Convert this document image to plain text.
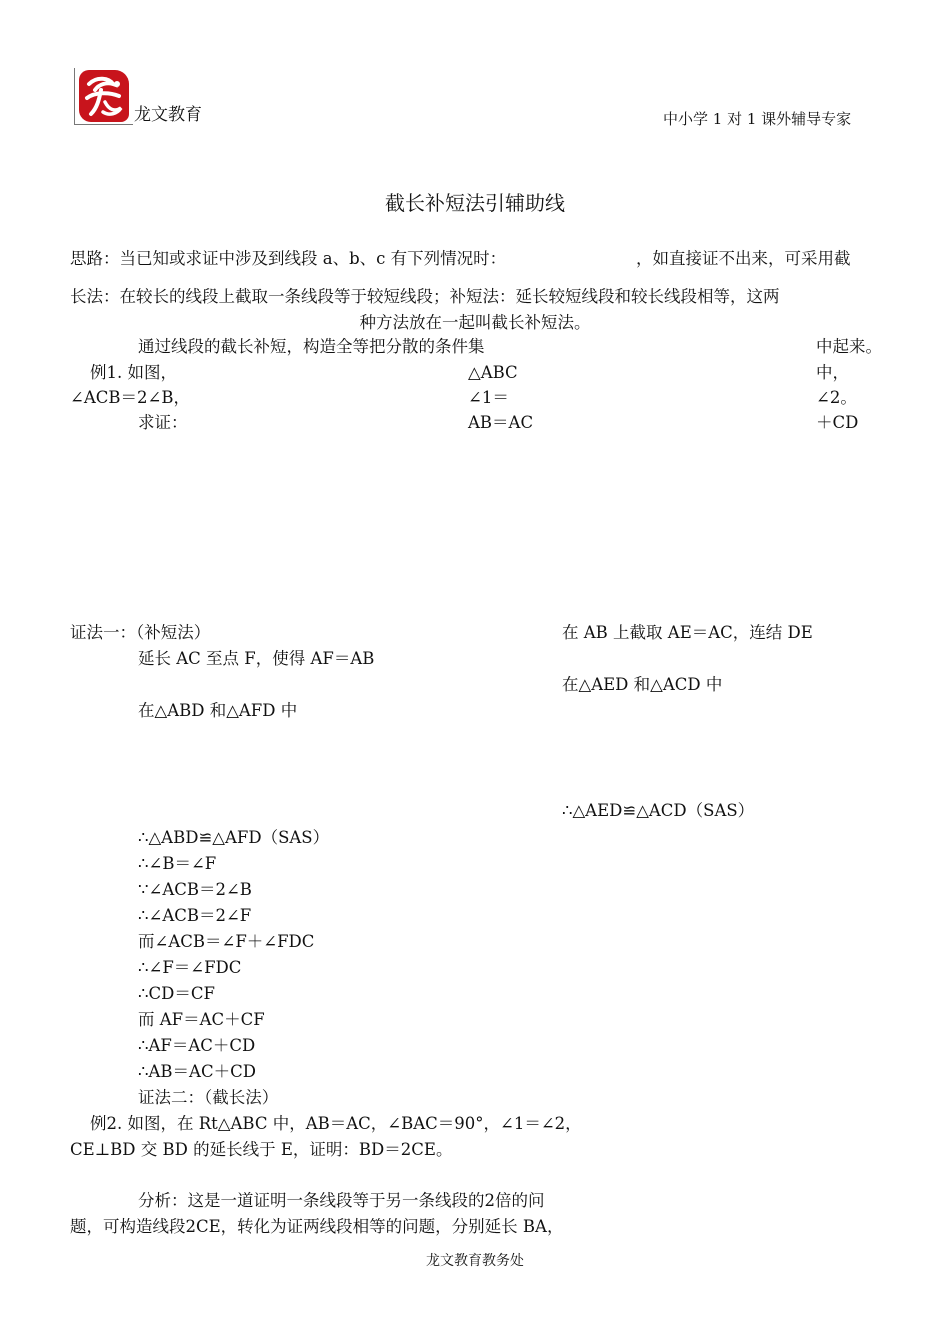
龙文教育	中小学 1 对 1 课外辅导专家
截长补短法引辅助线
思路：当已知或求证中涉及到线段 a、b、c 有下列情况时：	，如直接证不出来，可采用截
长法：在较长的线段上截取一条线段等于较短线段；补短法：延长较短线段和较长线段相等，这两
种方法放在一起叫截长补短法。
通过线段的截长补短，构造全等把分散的条件集	中起来。
例1. 如图，	△ABC	中，
∠ACB＝2∠B，	∠1＝	∠2。
求证：	AB＝AC	＋CD
证法一：（补短法）
延长 AC 至点 F，使得 AF＝AB
在△ABD 和△AFD 中
在 AB 上截取 AE＝AC，连结 DE
在△AED 和△ACD 中
∴△AED≌△ACD（SAS）
∴△ABD≌△AFD（SAS）
∴∠B＝∠F
∵∠ACB＝2∠B
∴∠ACB＝2∠F
而∠ACB＝∠F＋∠FDC
∴∠F＝∠FDC
∴CD＝CF
而 AF＝AC＋CF
∴AF＝AC＋CD
∴AB＝AC＋CD
证法二：（截长法）
例2. 如图，在 Rt△ABC 中，AB＝AC，∠BAC＝90°，∠1＝∠2，
CE⊥BD 交 BD 的延长线于 E，证明：BD＝2CE。
分析：这是一道证明一条线段等于另一条线段的2倍的问
题，可构造线段2CE，转化为证两线段相等的问题，分别延长 BA，
龙文教育教务处
